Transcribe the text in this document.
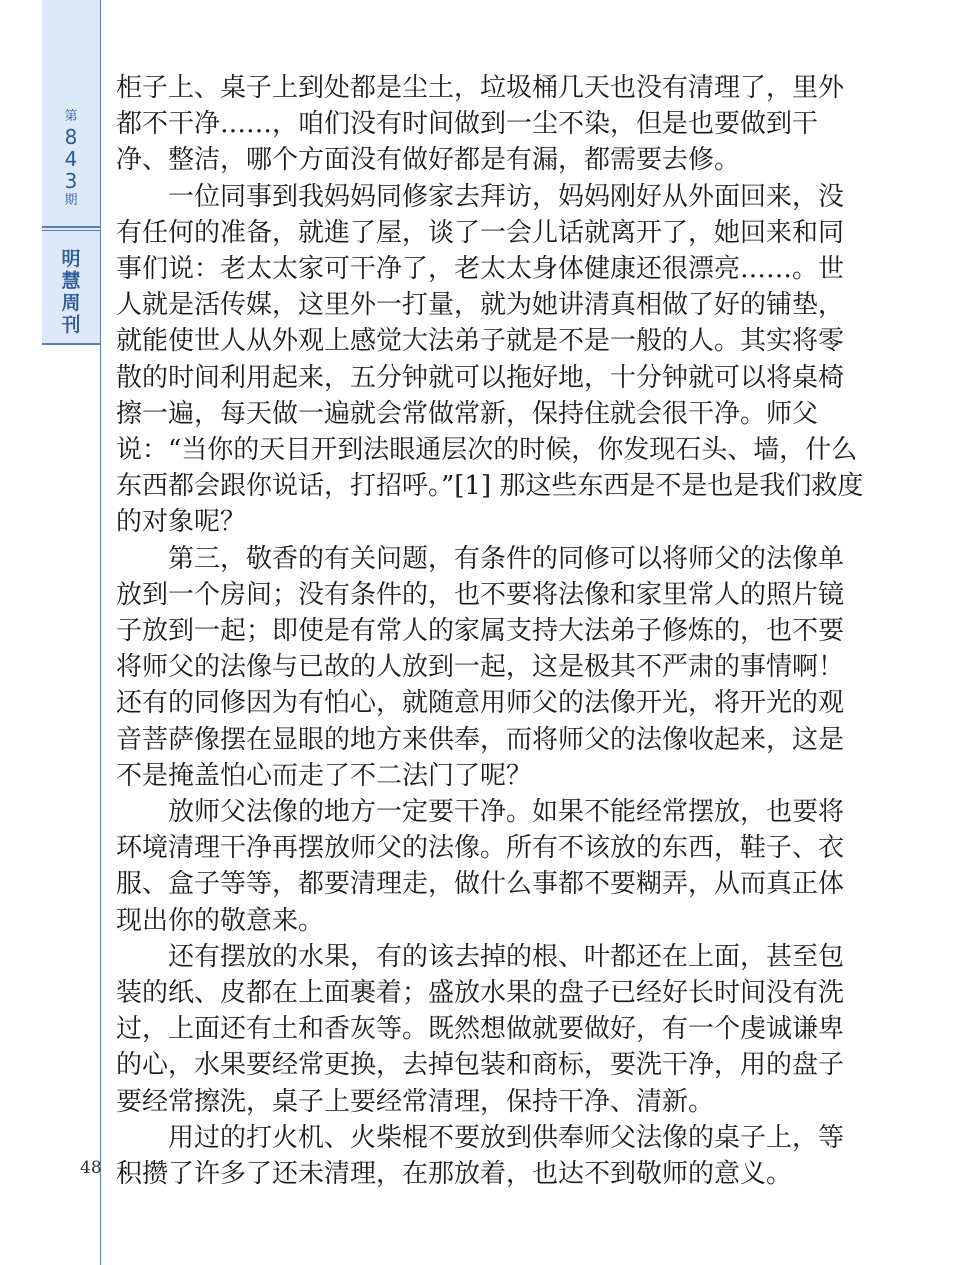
第
8
4
3
期
明
慧
周
刊
48

柜子上、桌子上到处都是尘土，垃圾桶几天也没有清理了，里外都不干净……，咱们没有时间做到一尘不染，但是也要做到干净、整洁，哪个方面没有做好都是有漏，都需要去修。

一位同事到我妈妈同修家去拜访，妈妈刚好从外面回来，没有任何的准备，就進了屋，谈了一会儿话就离开了，她回来和同事们说：老太太家可干净了，老太太身体健康还很漂亮……。世人就是活传媒，这里外一打量，就为她讲清真相做了好的铺垫，就能使世人从外观上感觉大法弟子就是不是一般的人。其实将零散的时间利用起来，五分钟就可以拖好地，十分钟就可以将桌椅擦一遍，每天做一遍就会常做常新，保持住就会很干净。师父说：“当你的天目开到法眼通层次的时候，你发现石头、墙，什么东西都会跟你说话，打招呼。”[1] 那这些东西是不是也是我们救度的对象呢？

第三，敬香的有关问题，有条件的同修可以将师父的法像单放到一个房间；没有条件的，也不要将法像和家里常人的照片镜子放到一起；即使是有常人的家属支持大法弟子修炼的，也不要将师父的法像与已故的人放到一起，这是极其不严肃的事情啊！还有的同修因为有怕心，就随意用师父的法像开光，将开光的观音菩萨像摆在显眼的地方来供奉，而将师父的法像收起来，这是不是掩盖怕心而走了不二法门了呢？

放师父法像的地方一定要干净。如果不能经常摆放，也要将环境清理干净再摆放师父的法像。所有不该放的东西，鞋子、衣服、盒子等等，都要清理走，做什么事都不要糊弄，从而真正体现出你的敬意来。

还有摆放的水果，有的该去掉的根、叶都还在上面，甚至包装的纸、皮都在上面裹着；盛放水果的盘子已经好长时间没有洗过，上面还有土和香灰等。既然想做就要做好，有一个虔诚谦卑的心，水果要经常更换，去掉包装和商标，要洗干净，用的盘子要经常擦洗，桌子上要经常清理，保持干净、清新。

用过的打火机、火柴棍不要放到供奉师父法像的桌子上，等积攒了许多了还未清理，在那放着，也达不到敬师的意义。
